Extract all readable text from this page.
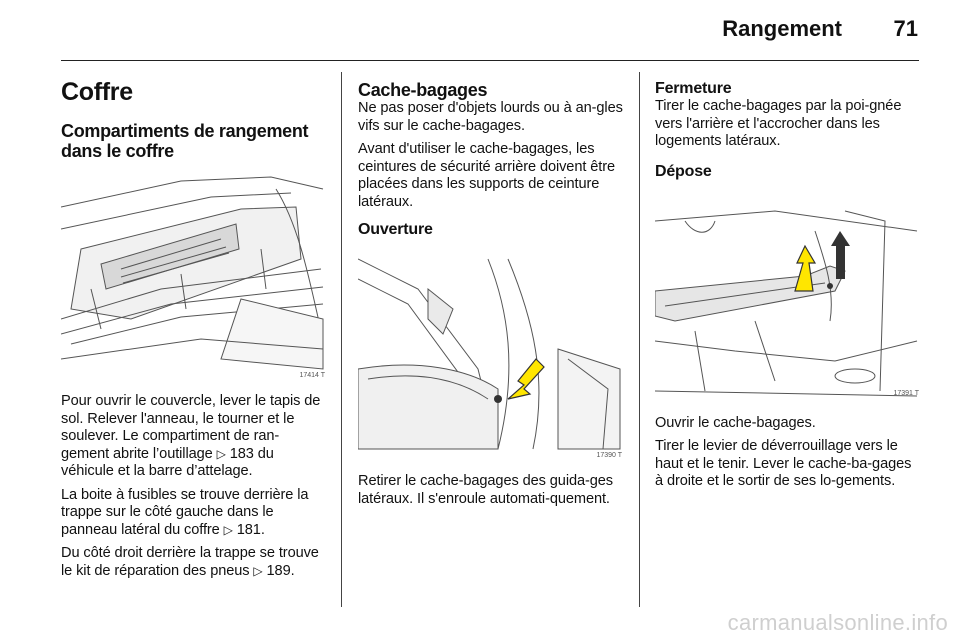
Rangement 71
Coffre
Compartiments de rangement dans le coffre
17414 T

Pour ouvrir le couvercle, lever le tapis de sol. Relever l'anneau, le tourner et le soulever. Le compartiment de ran-gement abrite l’outillage ▷ 183 du véhicule et la barre d’attelage.

La boite à fusibles se trouve derrière la trappe sur le côté gauche dans le panneau latéral du coffre ▷ 181.

Du côté droit derrière la trappe se trouve le kit de réparation des pneus ▷ 189.

Cache-bagages

Ne pas poser d'objets lourds ou à an-gles vifs sur le cache-bagages.

Avant d'utiliser le cache-bagages, les ceintures de sécurité arrière doivent être placées dans les supports de ceinture latéraux.

Ouverture
17390 T

Retirer le cache-bagages des guida-ges latéraux. Il s'enroule automati-quement.

Fermeture

Tirer le cache-bagages par la poi-gnée vers l'arrière et l'accrocher dans les logements latéraux.

Dépose
17391 T

Ouvrir le cache-bagages.

Tirer le levier de déverrouillage vers le haut et le tenir. Lever le cache-ba-gages à droite et le sortir de ses lo-gements.

carmanualsonline.info
